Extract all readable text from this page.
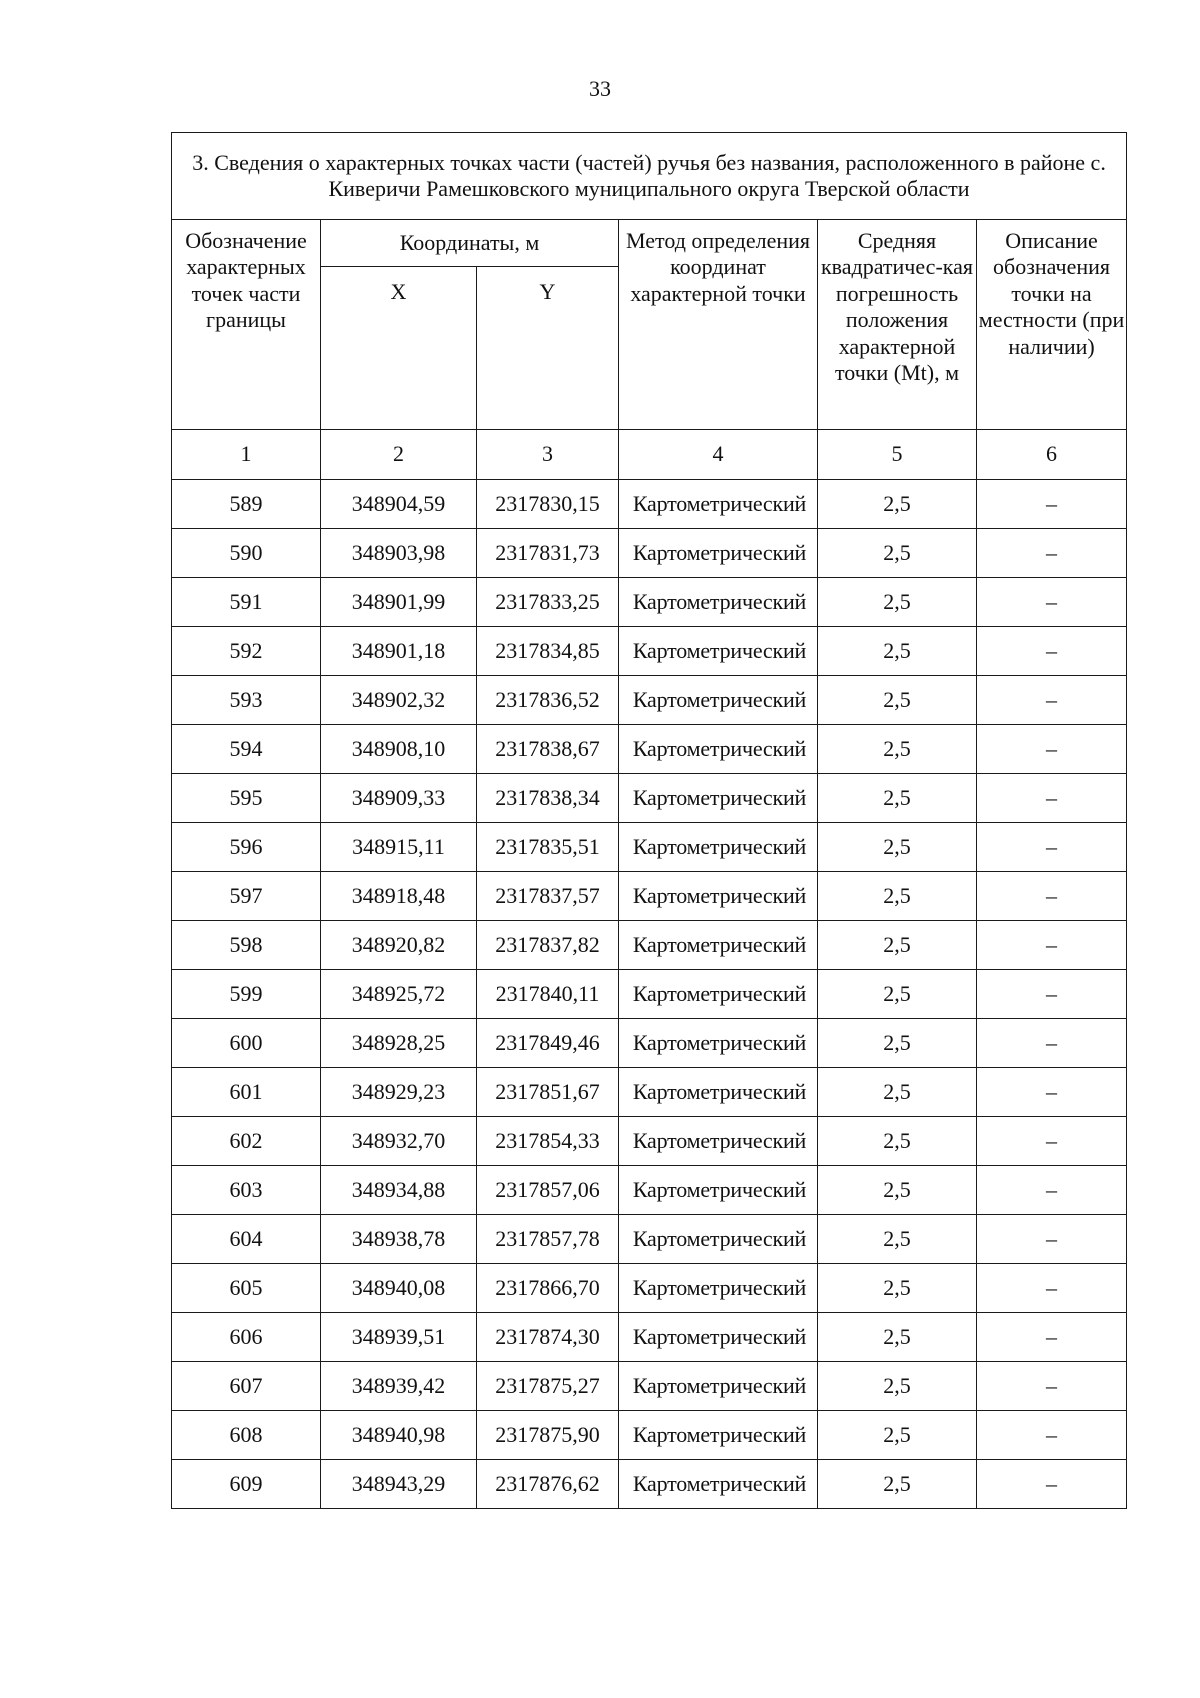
33
3. Сведения о характерных точках части (частей) ручья без названия, расположенного в районе с. Киверичи Рамешковского муниципального округа Тверской области					
Обозначение характерных точек части границы	Координаты, м		Метод определения координат характерной точки	Средняя квадратичес-кая погрешность положения характерной точки (Mt), м	Описание обозначения точки на местности (при наличии)
	X	Y			
1	2	3	4	5	6
589	348904,59	2317830,15	Картометрический	2,5	–
590	348903,98	2317831,73	Картометрический	2,5	–
591	348901,99	2317833,25	Картометрический	2,5	–
592	348901,18	2317834,85	Картометрический	2,5	–
593	348902,32	2317836,52	Картометрический	2,5	–
594	348908,10	2317838,67	Картометрический	2,5	–
595	348909,33	2317838,34	Картометрический	2,5	–
596	348915,11	2317835,51	Картометрический	2,5	–
597	348918,48	2317837,57	Картометрический	2,5	–
598	348920,82	2317837,82	Картометрический	2,5	–
599	348925,72	2317840,11	Картометрический	2,5	–
600	348928,25	2317849,46	Картометрический	2,5	–
601	348929,23	2317851,67	Картометрический	2,5	–
602	348932,70	2317854,33	Картометрический	2,5	–
603	348934,88	2317857,06	Картометрический	2,5	–
604	348938,78	2317857,78	Картометрический	2,5	–
605	348940,08	2317866,70	Картометрический	2,5	–
606	348939,51	2317874,30	Картометрический	2,5	–
607	348939,42	2317875,27	Картометрический	2,5	–
608	348940,98	2317875,90	Картометрический	2,5	–
609	348943,29	2317876,62	Картометрический	2,5	–
